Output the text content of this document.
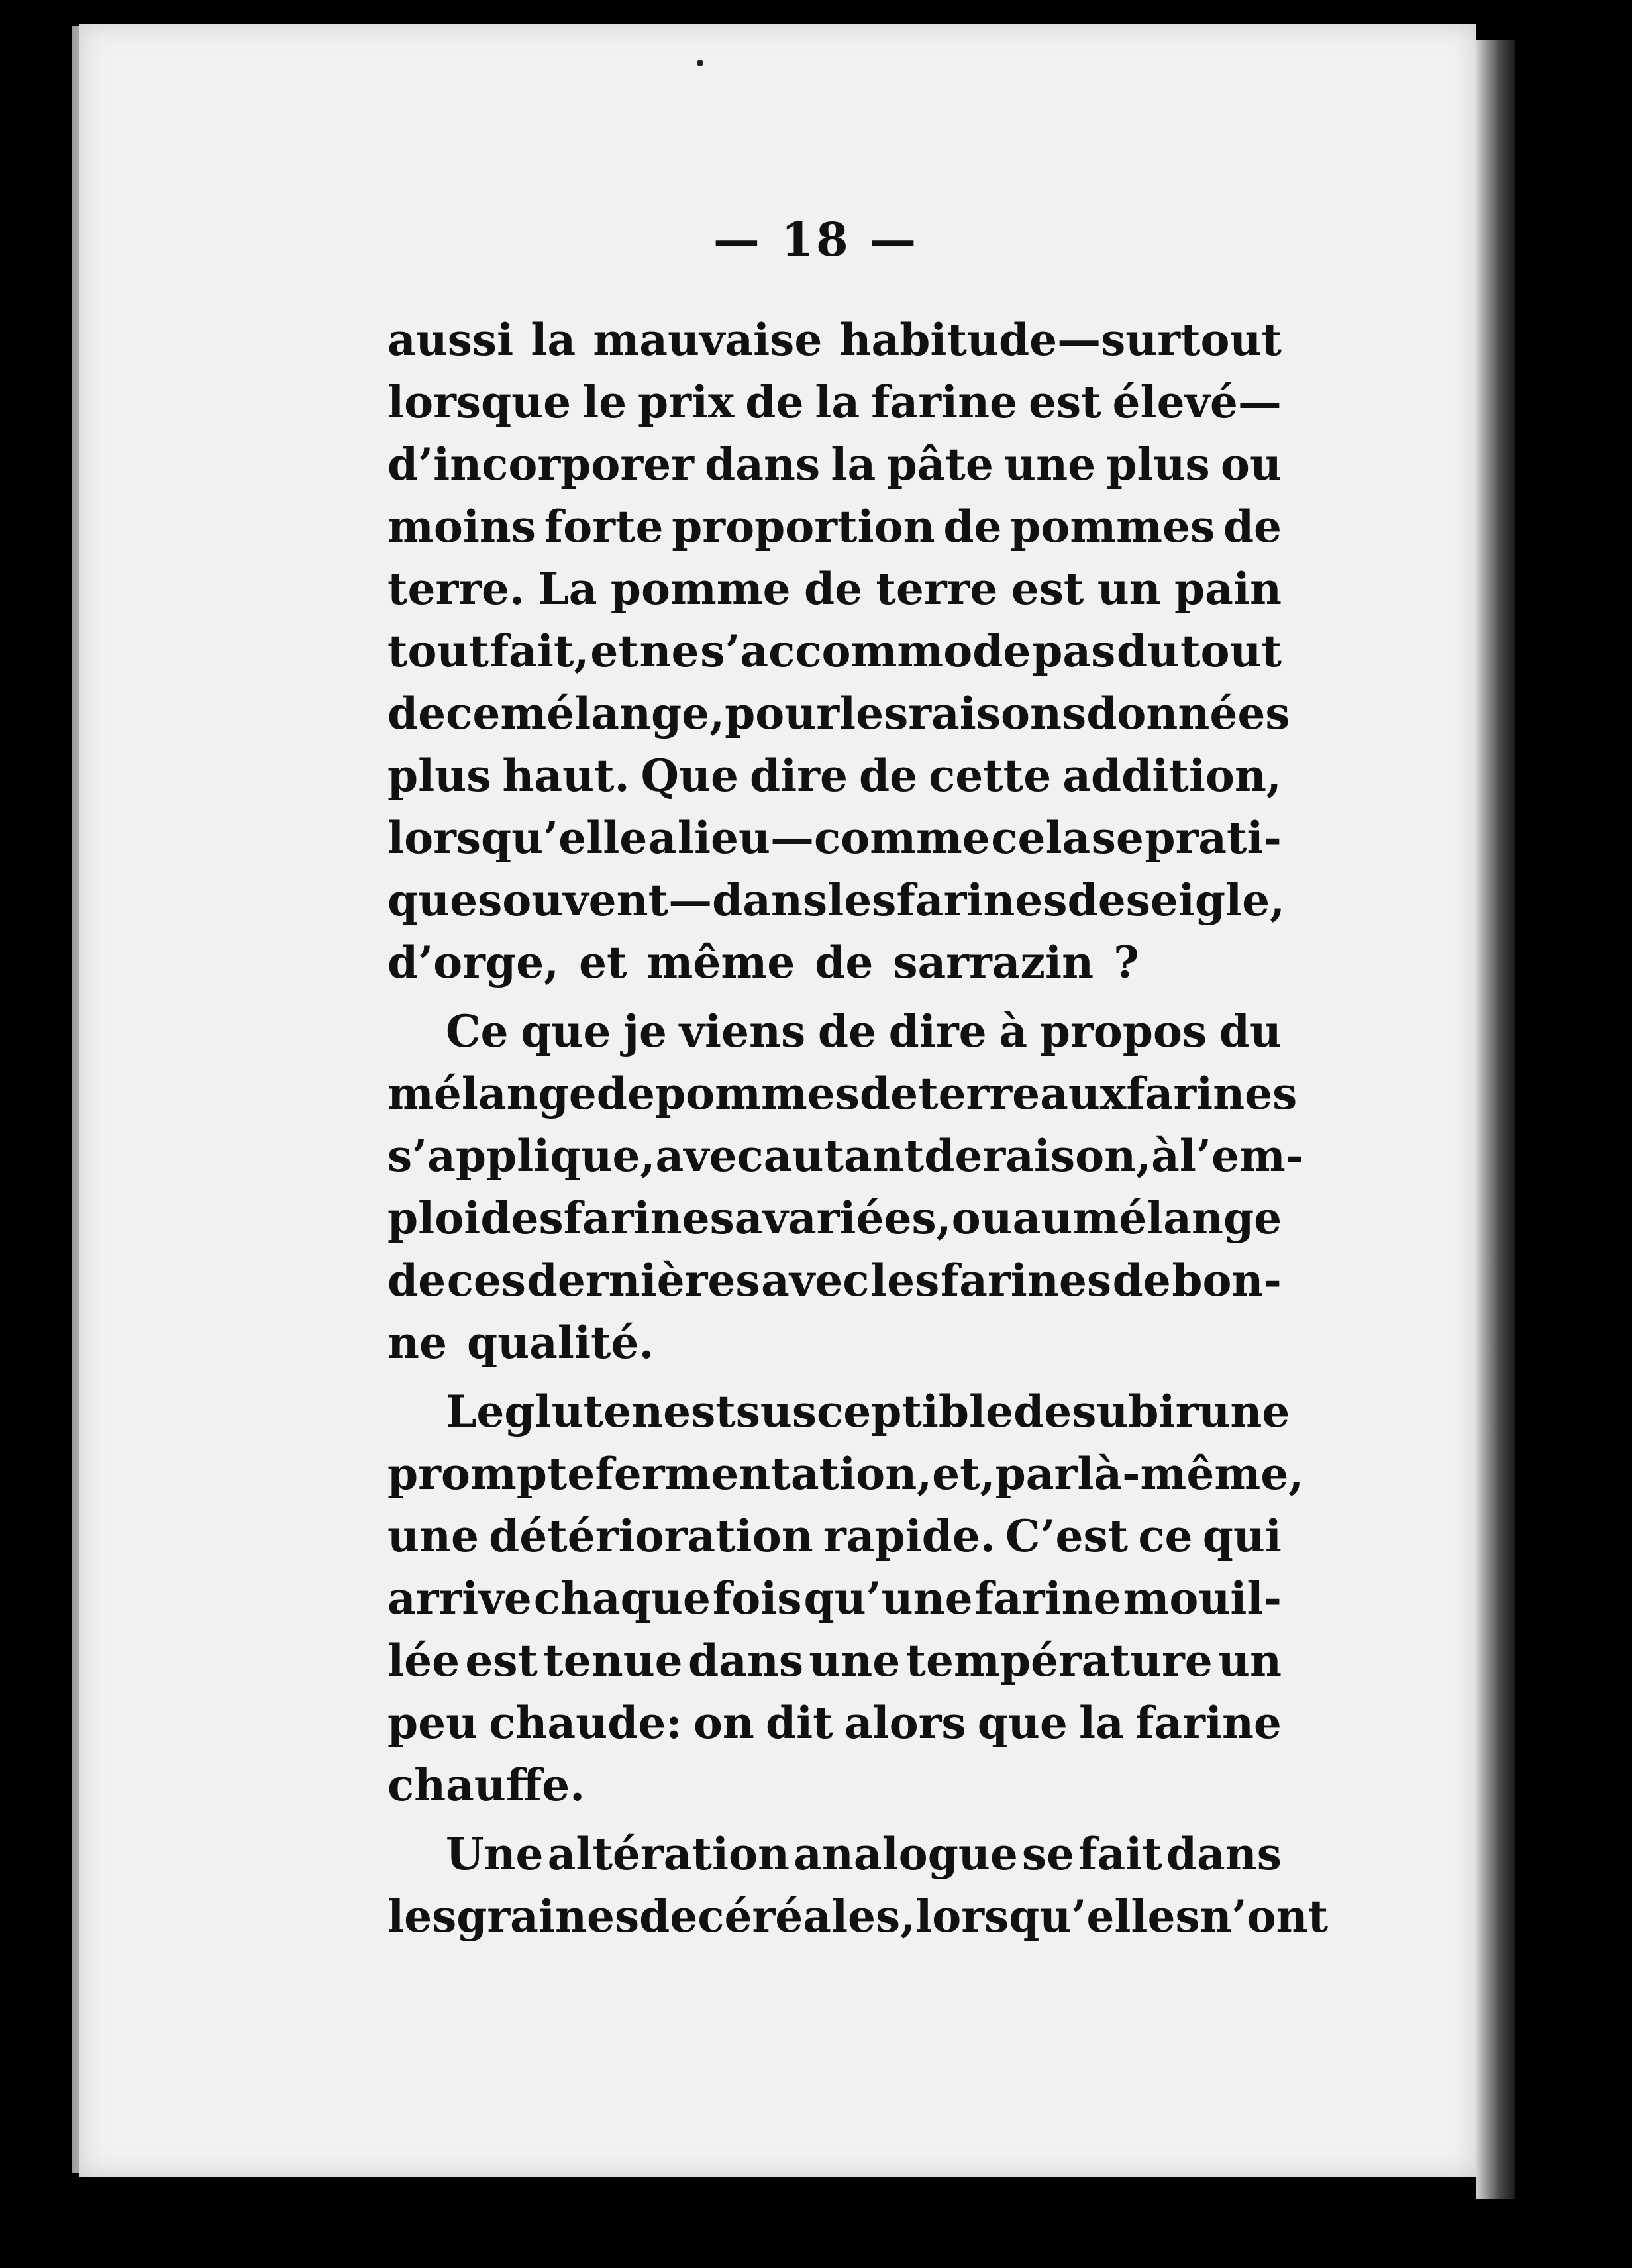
— 18 —
aussi la mauvaise habitude—surtout
lorsque le prix de la farine est élevé—
d’incorporer dans la pâte une plus ou
moins forte proportion de pommes de
terre. La pomme de terre est un pain
tout fait, et ne s’accommode pas du tout
de ce mélange, pour les raisons données
plus haut. Que dire de cette addition,
lorsqu’elle a lieu—comme cela se prati-
que souvent—dans les farines de seigle,
d’orge, et même de sarrazin ?
Ce que je viens de dire à propos du
mélange de pommes de terre aux farines
s’applique, avec autant de raison, à l’em-
ploi des farines avariées, ou au mélange
de ces dernières avec les farines de bon-
ne qualité.
Le gluten est susceptible de subir une
prompte fermentation, et, par là-même,
une détérioration rapide. C’est ce qui
arrive chaque fois qu’une farine mouil-
lée est tenue dans une température un
peu chaude: on dit alors que la farine
chauffe.
Une altération analogue se fait dans
les graines de céréales, lorsqu’elles n’ont
